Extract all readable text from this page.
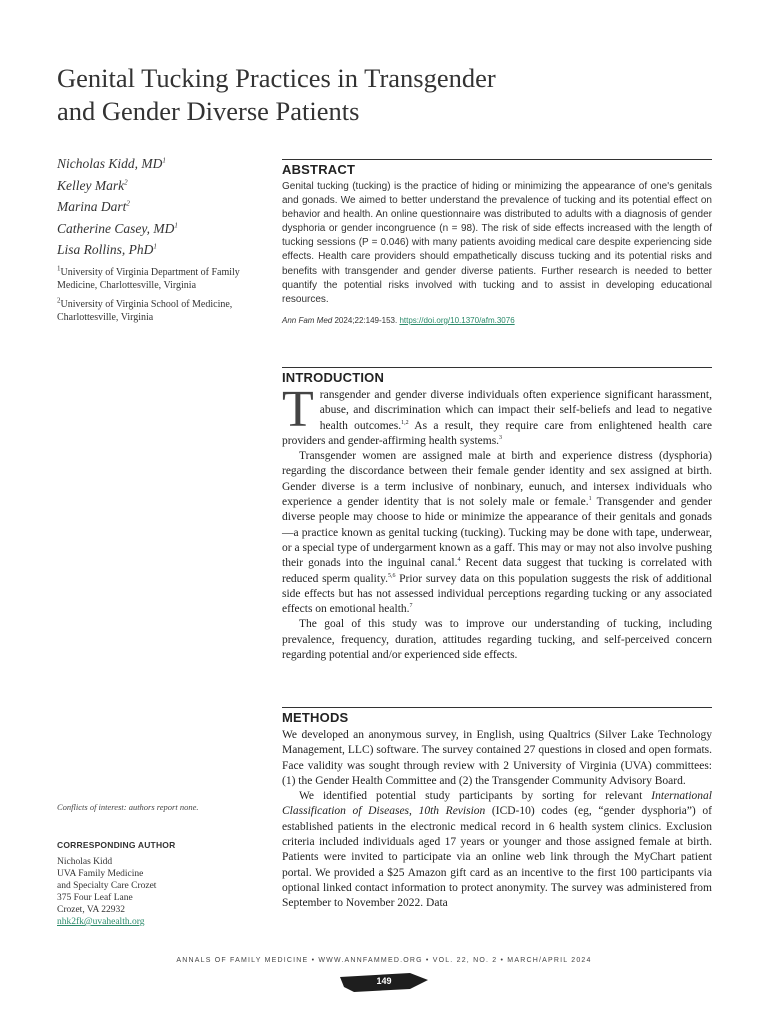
Genital Tucking Practices in Transgender
and Gender Diverse Patients
Nicholas Kidd, $MD^1$
Kelley Mark$^2$
Marina Dart$^2$
Catherine Casey, $MD^1$
Lisa Rollins, PhD$^1$
$^1$University of Virginia Department of Family Medicine, Charlottesville, Virginia
$^2$University of Virginia School of Medicine, Charlottesville, Virginia
Conflicts of interest: authors report none.
CORRESPONDING AUTHOR
Nicholas Kidd
UVA Family Medicine
and Specialty Care Crozet
375 Four Leaf Lane
Crozet, VA 22932
nhk2fk@uvahealth.org
ABSTRACT
Genital tucking (tucking) is the practice of hiding or minimizing the appearance of one's genitals and gonads. We aimed to better understand the prevalence of tucking and its potential effect on behavior and health. An online questionnaire was distributed to adults with a diagnosis of gender dysphoria or gender incongruence (n = 98). The risk of side effects increased with the length of tucking sessions (P = 0.046) with many patients avoiding medical care despite experiencing side effects. Health care providers should empathetically discuss tucking and its potential risks and benefits with transgender and gender diverse patients. Further research is needed to better quantify the potential risks involved with tucking and to assist in developing educational resources.
Ann Fam Med 2024;22:149-153. https://doi.org/10.1370/afm.3076
INTRODUCTION

Transgender and gender diverse individuals often experience significant harassment, abuse, and discrimination which can impact their self-beliefs and lead to negative health outcomes.$^{1,2}$ As a result, they require care from enlightened health care providers and gender-affirming health systems.$^3$

Transgender women are assigned male at birth and experience distress (dysphoria) regarding the discordance between their female gender identity and sex assigned at birth. Gender diverse is a term inclusive of nonbinary, eunuch, and intersex individuals who experience a gender identity that is not solely male or female.$^1$ Transgender and gender diverse people may choose to hide or minimize the appearance of their genitals and gonads—a practice known as genital tucking (tucking). Tucking may be done with tape, underwear, or a special type of undergarment known as a gaff. This may or may not also involve pushing their gonads into the inguinal canal.$^4$ Recent data suggest that tucking is correlated with reduced sperm quality.$^{5,6}$ Prior survey data on this population suggests the risk of additional side effects but has not assessed individual perceptions regarding tucking or any associated effects on emotional health.$^7$

The goal of this study was to improve our understanding of tucking, including prevalence, frequency, duration, attitudes regarding tucking, and self-perceived concern regarding potential and/or experienced side effects.

METHODS

We developed an anonymous survey, in English, using Qualtrics (Silver Lake Technology Management, LLC) software. The survey contained 27 questions in closed and open formats. Face validity was sought through review with 2 University of Virginia (UVA) committees: (1) the Gender Health Committee and (2) the Transgender Community Advisory Board.

We identified potential study participants by sorting for relevant International Classification of Diseases, 10th Revision (ICD-10) codes (eg, “gender dysphoria”) of established patients in the electronic medical record in 6 health system clinics. Exclusion criteria included individuals aged 17 years or younger and those assigned female at birth. Patients were invited to participate via an online web link through the MyChart patient portal. We provided a $25 Amazon gift card as an incentive to the first 100 participants via optional linked contact information to protect anonymity. The survey was administered from September to November 2022. Data

ANNALS OF FAMILY MEDICINE • WWW.ANNFAMMED.ORG • VOL. 22, NO. 2 • MARCH/APRIL 2024
149
